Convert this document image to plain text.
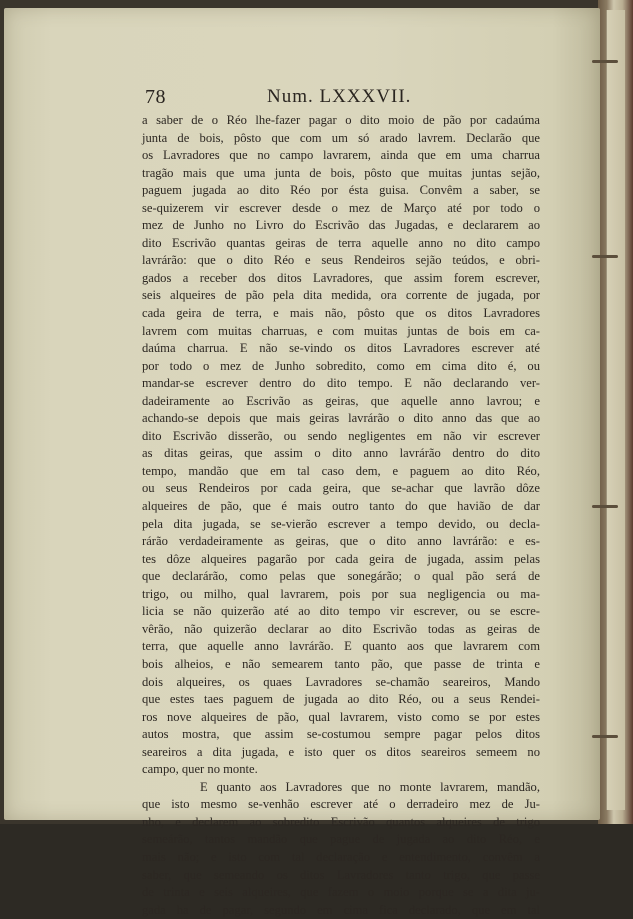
78	Num. LXXXVII.
a saber de o Réo lhe-fazer pagar o dito moio de pão por cadaúma
junta de bois, pôsto que com um só arado lavrem. Declarão que
os Lavradores que no campo lavrarem, ainda que em uma charrua
tragão mais que uma junta de bois, pôsto que muitas juntas sejão,
paguem jugada ao dito Réo por ésta guisa. Convêm a saber, se
se-quizerem vir escrever desde o mez de Março até por todo o
mez de Junho no Livro do Escrivão das Jugadas, e declararem ao
dito Escrivão quantas geiras de terra aquelle anno no dito campo
lavrárão: que o dito Réo e seus Rendeiros sejão teúdos, e obri-
gados a receber dos ditos Lavradores, que assim forem escrever,
seis alqueires de pão pela dita medida, ora corrente de jugada, por
cada geira de terra, e mais não, pôsto que os ditos Lavradores
lavrem com muitas charruas, e com muitas juntas de bois em ca-
daúma charrua. E não se-vindo os ditos Lavradores escrever até
por todo o mez de Junho sobredito, como em cima dito é, ou
mandar-se escrever dentro do dito tempo. E não declarando ver-
dadeiramente ao Escrivão as geiras, que aquelle anno lavrou; e
achando-se depois que mais geiras lavrárão o dito anno das que ao
dito Escrivão disserão, ou sendo negligentes em não vir escrever
as ditas geiras, que assim o dito anno lavrárão dentro do dito
tempo, mandão que em tal caso dem, e paguem ao dito Réo,
ou seus Rendeiros por cada geira, que se-achar que lavrão dôze
alqueires de pão, que é mais outro tanto do que havião de dar
pela dita jugada, se se-vierão escrever a tempo devido, ou decla-
rárão verdadeiramente as geiras, que o dito anno lavrárão: e es-
tes dôze alqueires pagarão por cada geira de jugada, assim pelas
que declarárão, como pelas que sonegárão; o qual pão será de
trigo, ou milho, qual lavrarem, pois por sua negligencia ou ma-
licia se não quizerão até ao dito tempo vir escrever, ou se escre-
vêrão, não quizerão declarar ao dito Escrivão todas as geiras de
terra, que aquelle anno lavrárão. E quanto aos que lavrarem com
bois alheios, e não semearem tanto pão, que passe de trinta e
dois alqueires, os quaes Lavradores se-chamão seareiros, Mando
que estes taes paguem de jugada ao dito Réo, ou a seus Rendei-
ros nove alqueires de pão, qual lavrarem, visto como se por estes
autos mostra, que assim se-costumou sempre pagar pelos ditos
seareiros a dita jugada, e isto quer os ditos seareiros semeem no
campo, quer no monte.
E quanto aos Lavradores que no monte lavrarem, mandão,
que isto mesmo se-venhão escrever até o derradeiro mez de Ju-
nho, e declarem ao sobredito Escrivão quantos alqueires de trigo
semeárão, tantos mandão que pague de jugada ao dito Réo, e
mais não; e isto com tal declaração e entendimento, convêm a
saber, que semeando os ditos Lavradores tanto trigo, que passe
de trinta e seis alqueires, que fazem o moio porque se a dita ju-
gada ha de pagar, segundo em cima fica declarado, que em tal
